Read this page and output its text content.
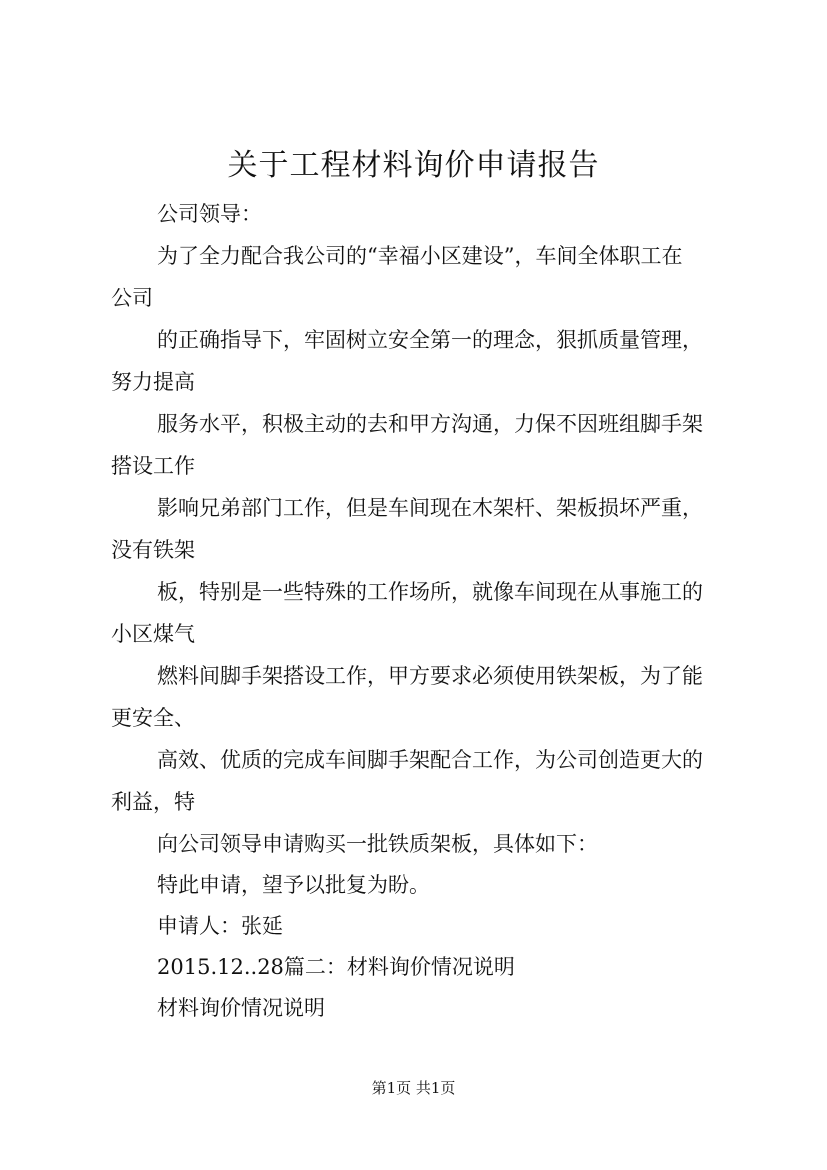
关于工程材料询价申请报告

公司领导：

为了全力配合我公司的“幸福小区建设”，车间全体职工在

公司

的正确指导下，牢固树立安全第一的理念，狠抓质量管理，

努力提高

服务水平，积极主动的去和甲方沟通，力保不因班组脚手架

搭设工作

影响兄弟部门工作，但是车间现在木架杆、架板损坏严重，

没有铁架

板，特别是一些特殊的工作场所，就像车间现在从事施工的

小区煤气

燃料间脚手架搭设工作，甲方要求必须使用铁架板，为了能

更安全、

高效、优质的完成车间脚手架配合工作，为公司创造更大的

利益，特

向公司领导申请购买一批铁质架板，具体如下：

特此申请，望予以批复为盼。

申请人：张延

2015.12..28篇二：材料询价情况说明

材料询价情况说明

第1页 共1页
